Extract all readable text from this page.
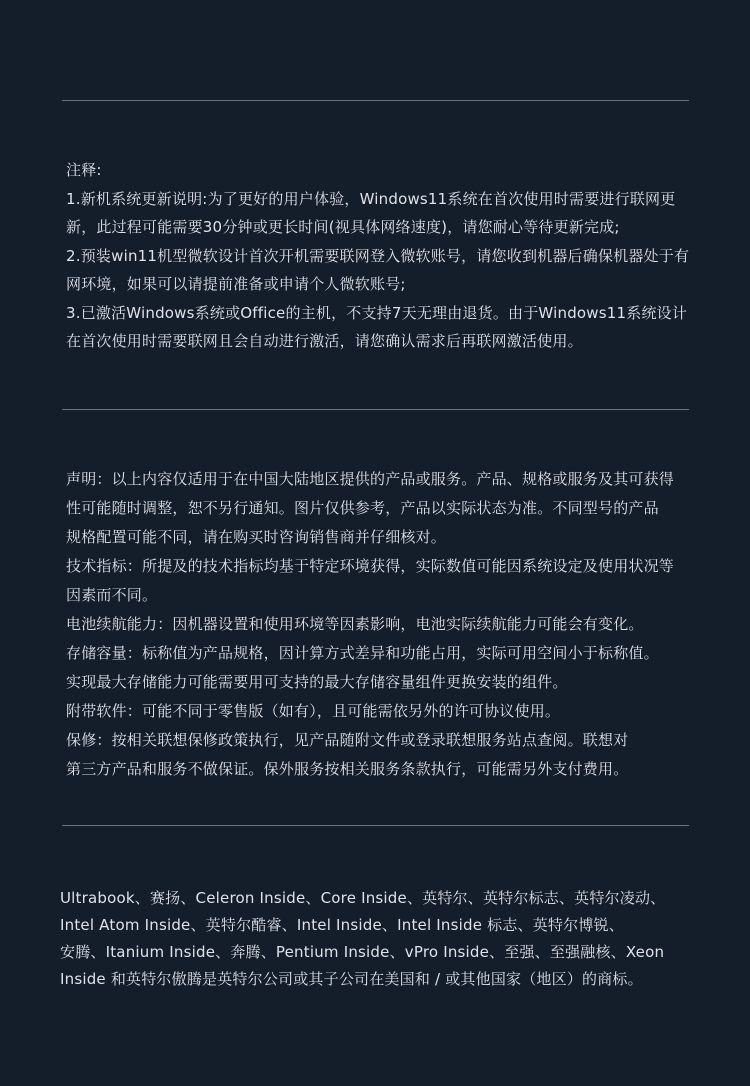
注释:

1.新机系统更新说明:为了更好的用户体验，Windows11系统在首次使用时需要进行联网更

新，此过程可能需要30分钟或更长时间(视具体网络速度)，请您耐心等待更新完成;

2.预装win11机型微软设计首次开机需要联网登入微软账号，请您收到机器后确保机器处于有

网环境，如果可以请提前准备或申请个人微软账号;

3.已激活Windows系统或Office的主机，不支持7天无理由退货。由于Windows11系统设计

在首次使用时需要联网且会自动进行激活，请您确认需求后再联网激活使用。

声明：以上内容仅适用于在中国大陆地区提供的产品或服务。产品、规格或服务及其可获得

性可能随时调整，恕不另行通知。图片仅供参考，产品以实际状态为准。不同型号的产品

规格配置可能不同，请在购买时咨询销售商并仔细核对。

技术指标：所提及的技术指标均基于特定环境获得，实际数值可能因系统设定及使用状况等

因素而不同。

电池续航能力：因机器设置和使用环境等因素影响，电池实际续航能力可能会有变化。

存储容量：标称值为产品规格，因计算方式差异和功能占用，实际可用空间小于标称值。

实现最大存储能力可能需要用可支持的最大存储容量组件更换安装的组件。

附带软件：可能不同于零售版（如有），且可能需依另外的许可协议使用。

保修：按相关联想保修政策执行，见产品随附文件或登录联想服务站点查阅。联想对

第三方产品和服务不做保证。保外服务按相关服务条款执行，可能需另外支付费用。

Ultrabook、赛扬、Celeron Inside、Core Inside、英特尔、英特尔标志、英特尔凌动、

Intel Atom Inside、英特尔酷睿、Intel Inside、Intel Inside 标志、英特尔博锐、

安腾、Itanium Inside、奔腾、Pentium Inside、vPro Inside、至强、至强融核、Xeon

Inside 和英特尔傲腾是英特尔公司或其子公司在美国和 / 或其他国家（地区）的商标。
